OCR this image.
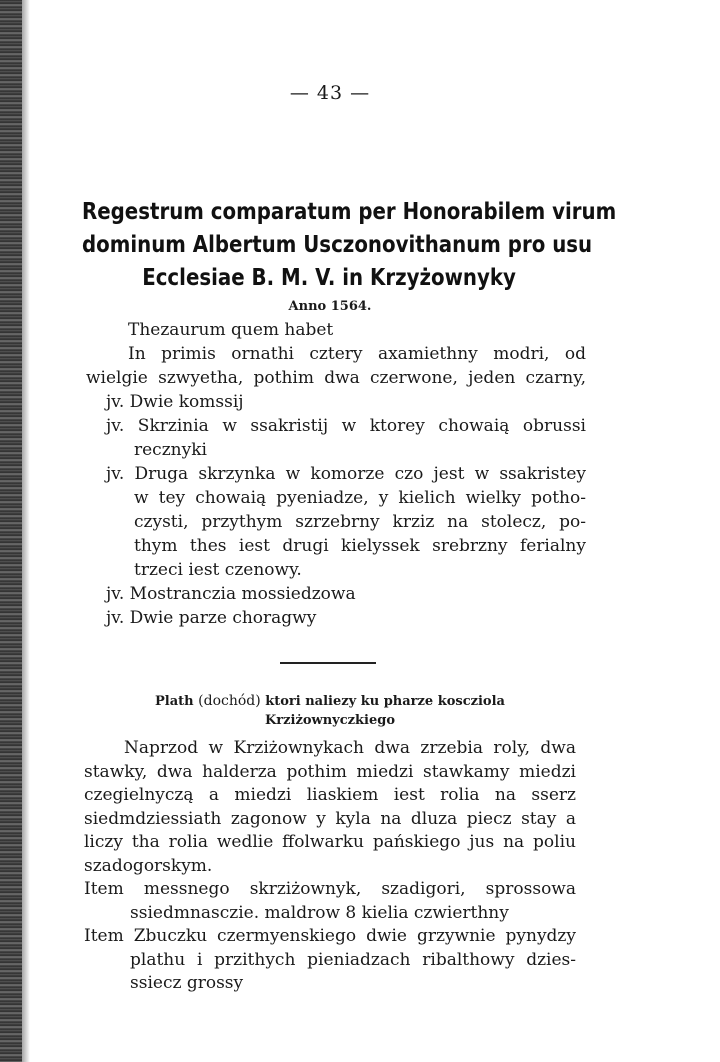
— 43 —
Regestrum comparatum per Honorabilem virum
dominum Albertum Usczonovithanum pro usu
Ecclesiae B. M. V. in Krzyżownyky
Anno 1564.
Thezaurum quem habet
In primis ornathi cztery axamiethny modri, od
wielgie szwyetha, pothim dwa czerwone, jeden czarny,
jv. Dwie komssij
jv. Skrzinia w ssakristij w ktorey chowaią obrussi
recznyki
jv. Druga skrzynka w komorze czo jest w ssakristey
w tey chowaią pyeniadze, y kielich wielky potho-
czysti, przythym szrzebrny krziz na stolecz, po-
thym thes iest drugi kielyssek srebrzny ferialny
trzeci iest czenowy.
jv. Mostranczia mossiedzowa
jv. Dwie parze choragwy
Plath (dochód) ktori naliezy ku pharze koscziola
Krziżownyczkiego
Naprzod w Krziżownykach dwa zrzebia roly, dwa
stawky, dwa halderza pothim miedzi stawkamy miedzi
czegielnyczą a miedzi liaskiem iest rolia na sserz
siedmdziessiath zagonow y kyla na dluza piecz stay a
liczy tha rolia wedlie ffolwarku pańskiego jus na poliu
szadogorskym.
Item messnego skrziżownyk, szadigori, sprossowa
ssiedmnasczie. maldrow 8 kielia czwierthny
Item Zbuczku czermyenskiego dwie grzywnie pynydzy
plathu i przithych pieniadzach ribalthowy dzies-
ssiecz grossy
